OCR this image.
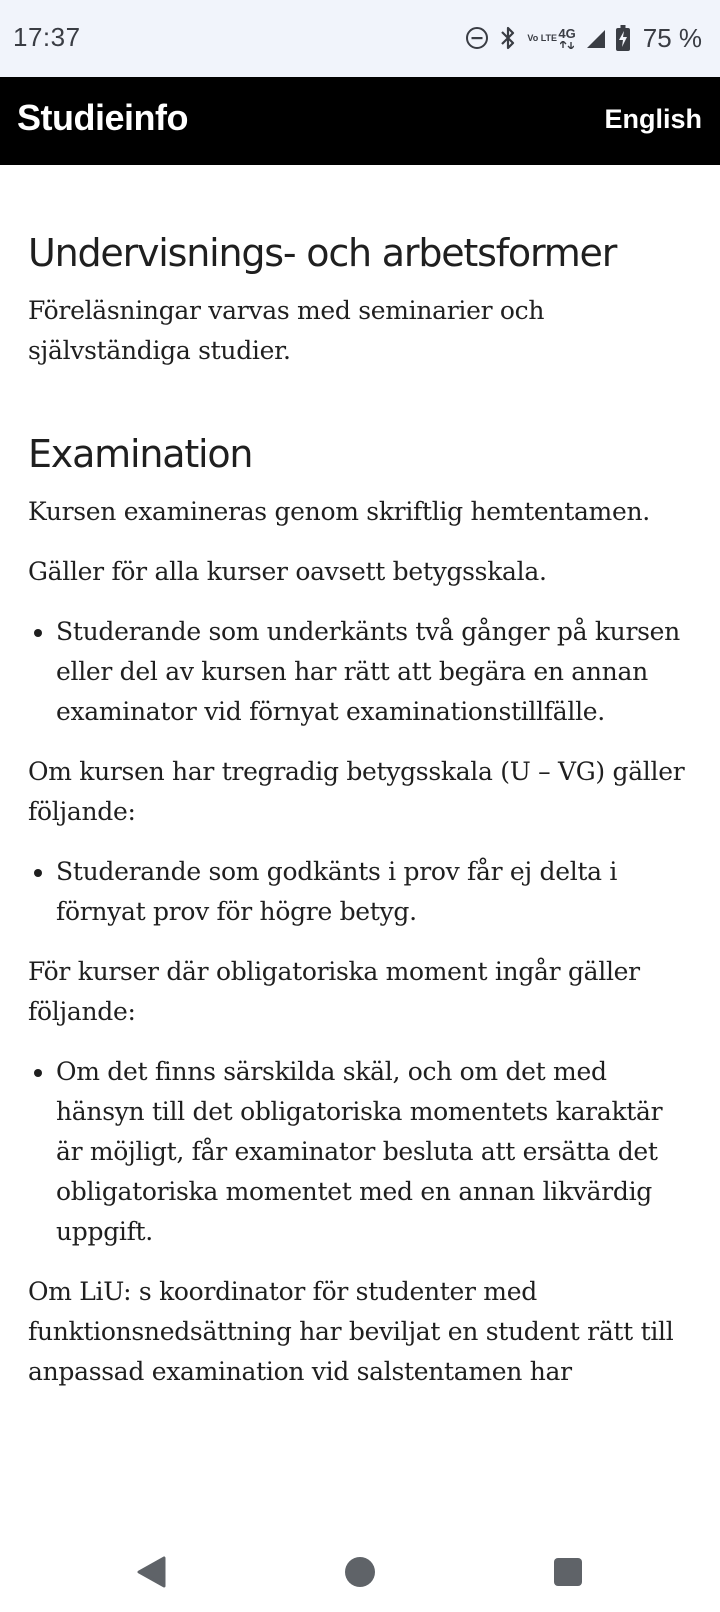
17:37	Vo LTE 4G	75 %
Studieinfo	English
Undervisnings- och arbetsformer

Föreläsningar varvas med seminarier och självständiga studier.

Examination

Kursen examineras genom skriftlig hemtentamen.

Gäller för alla kurser oavsett betygsskala.

• Studerande som underkänts två gånger på kursen eller del av kursen har rätt att begära en annan examinator vid förnyat examinationstillfälle.

Om kursen har tregradig betygsskala (U – VG) gäller följande:

• Studerande som godkänts i prov får ej delta i förnyat prov för högre betyg.

För kurser där obligatoriska moment ingår gäller följande:

• Om det finns särskilda skäl, och om det med hänsyn till det obligatoriska momentets karaktär är möjligt, får examinator besluta att ersätta det obligatoriska momentet med en annan likvärdig uppgift.

Om LiU: s koordinator för studenter med funktionsnedsättning har beviljat en student rätt till anpassad examination vid salstentamen har
